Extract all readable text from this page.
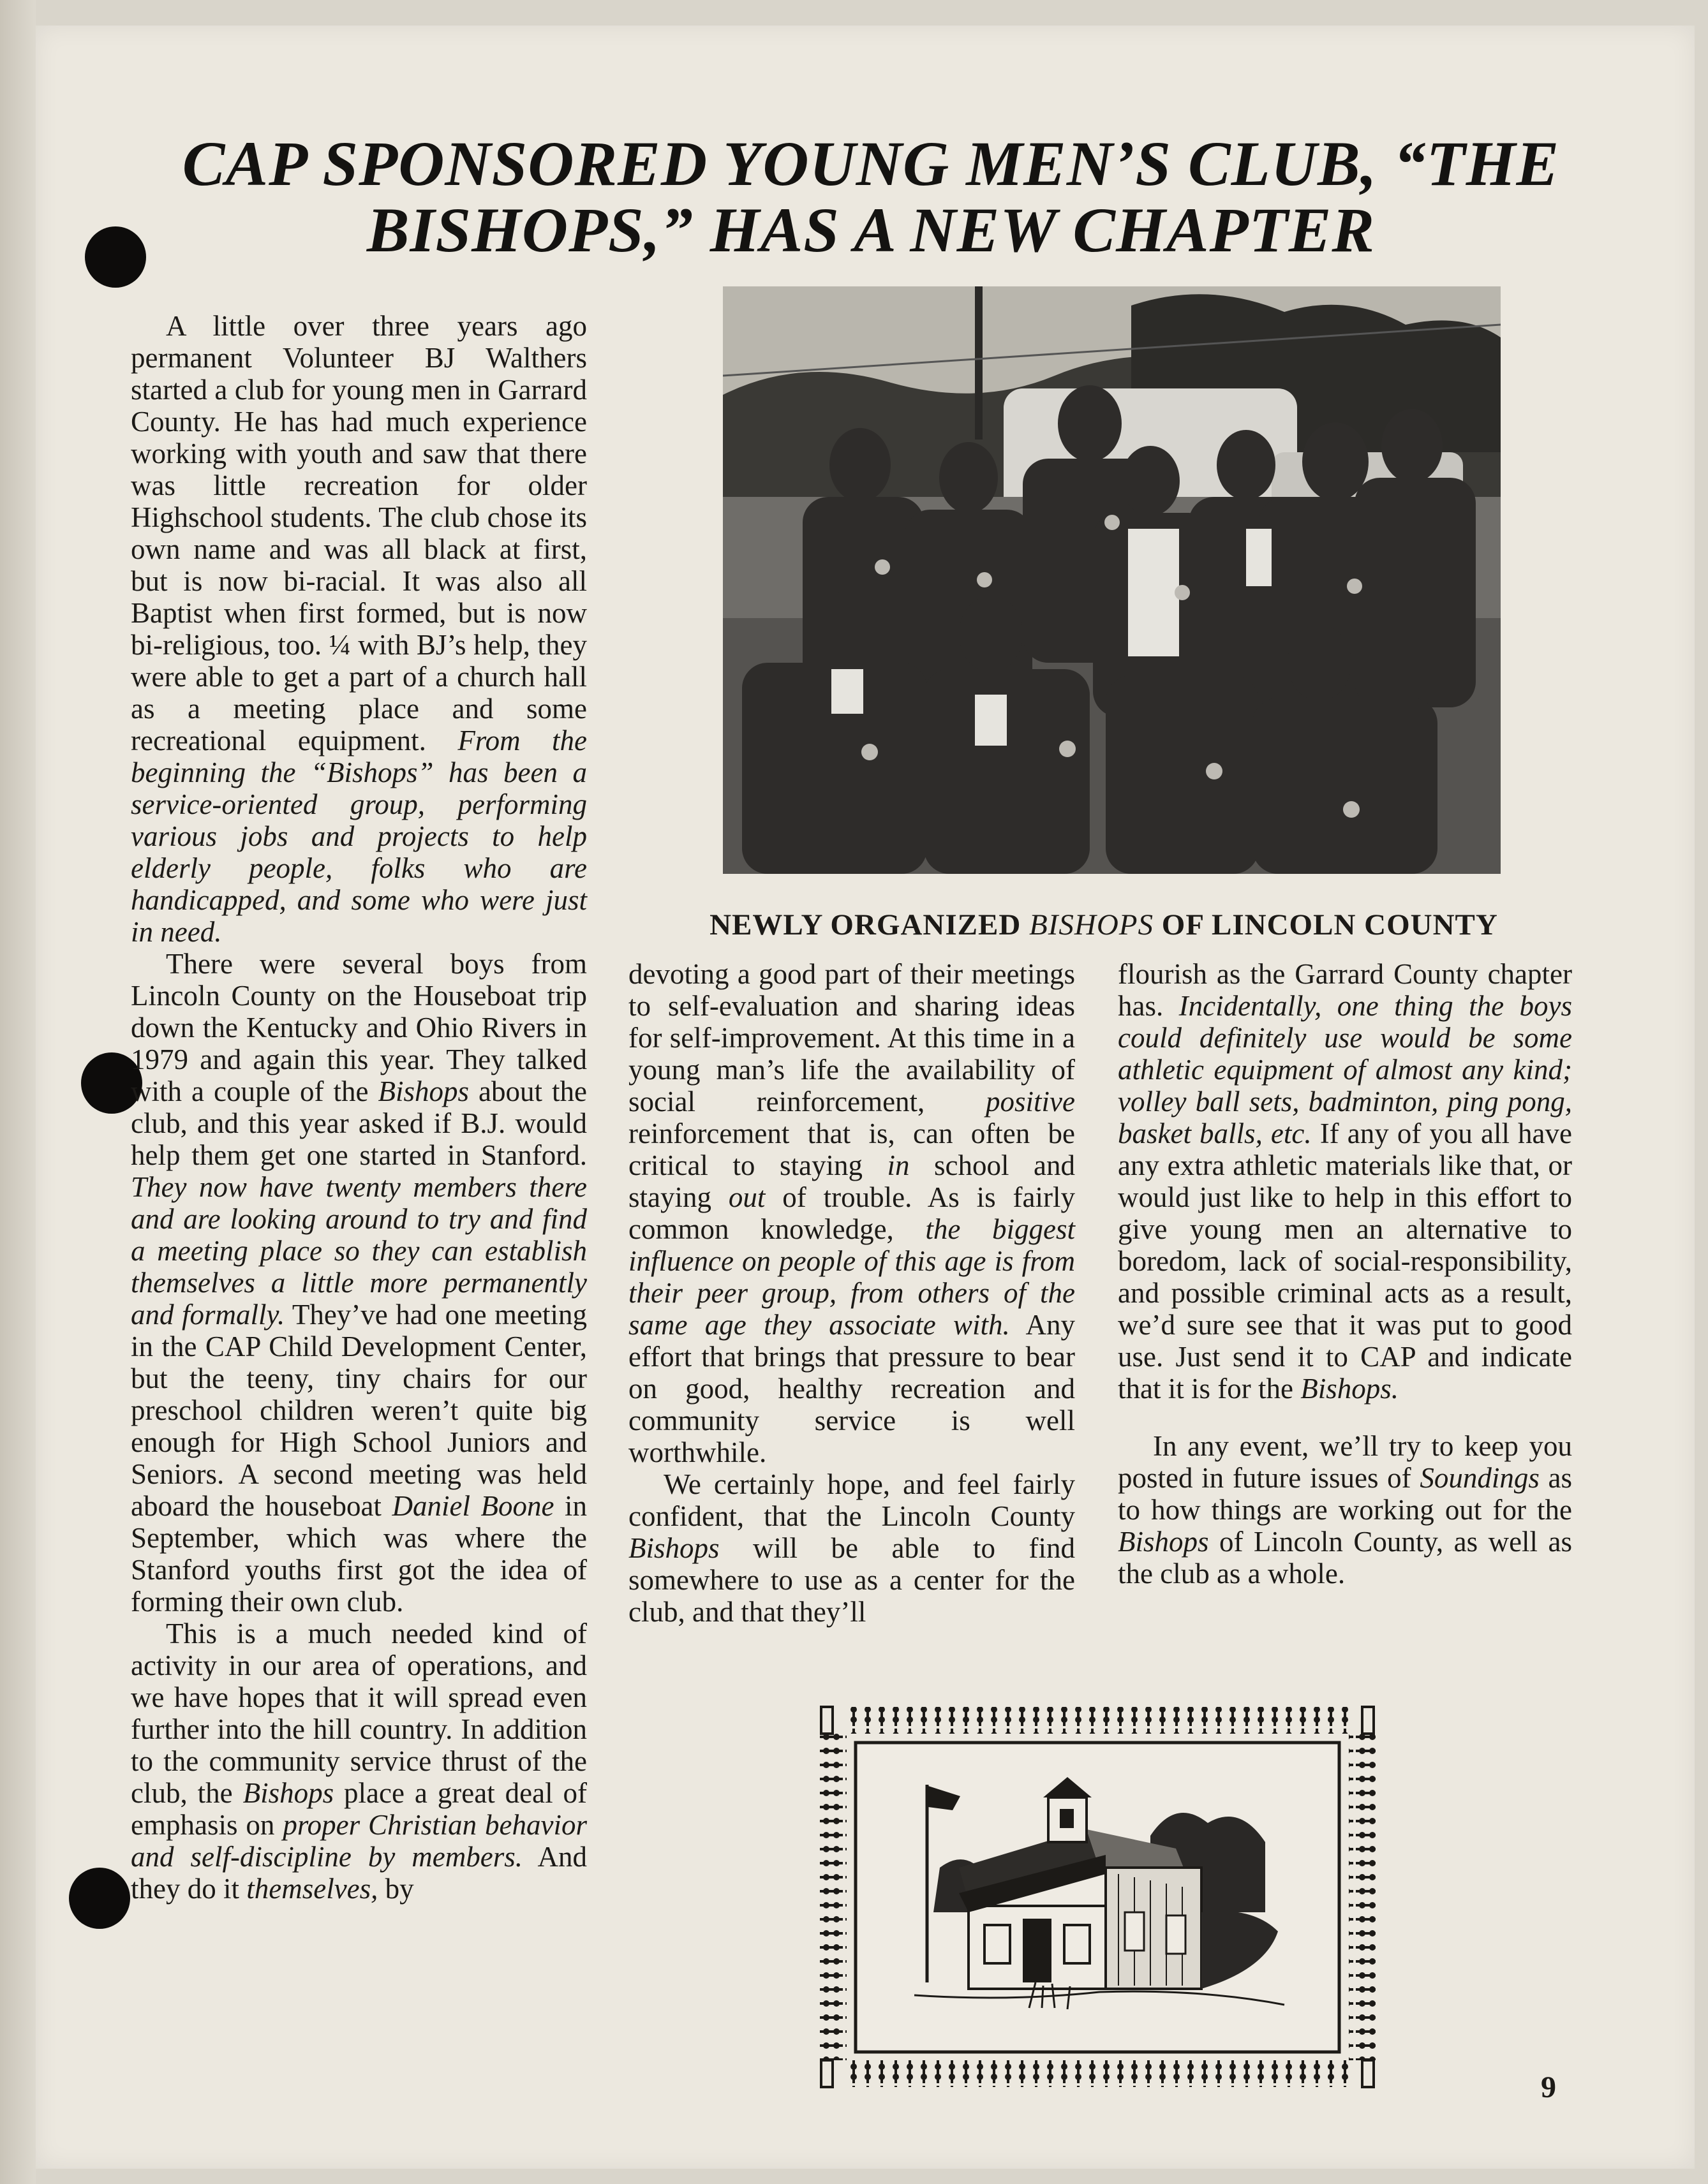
CAP SPONSORED YOUNG MEN’S CLUB, “THE
BISHOPS,” HAS A NEW CHAPTER

A little over three years ago permanent Volunteer BJ Walthers started a club for young men in Garrard County. He has had much experience working with youth and saw that there was little recreation for older Highschool students. The club chose its own name and was all black at first, but is now bi-racial. It was also all Baptist when first formed, but is now bi-religious, too. ¼ with BJ’s help, they were able to get a part of a church hall as a meeting place and some recreational equipment. From the beginning the “Bishops” has been a service-oriented group, performing various jobs and projects to help elderly people, folks who are handicapped, and some who were just in need.

There were several boys from Lincoln County on the Houseboat trip down the Kentucky and Ohio Rivers in 1979 and again this year. They talked with a couple of the Bishops about the club, and this year asked if B.J. would help them get one started in Stanford. They now have twenty members there and are looking around to try and find a meeting place so they can establish themselves a little more permanently and formally. They’ve had one meeting in the CAP Child Development Center, but the teeny, tiny chairs for our preschool children weren’t quite big enough for High School Juniors and Seniors. A second meeting was held aboard the houseboat Daniel Boone in September, which was where the Stanford youths first got the idea of forming their own club.

This is a much needed kind of activity in our area of operations, and we have hopes that it will spread even further into the hill country. In addition to the community service thrust of the club, the Bishops place a great deal of emphasis on proper Christian behavior and self-discipline by members. And they do it themselves, by

NEWLY ORGANIZED BISHOPS OF LINCOLN COUNTY

devoting a good part of their meetings to self-evaluation and sharing ideas for self-improvement. At this time in a young man’s life the availability of social reinforcement, positive reinforcement that is, can often be critical to staying in school and staying out of trouble. As is fairly common knowledge, the biggest influence on people of this age is from their peer group, from others of the same age they associate with. Any effort that brings that pressure to bear on good, healthy recreation and community service is well worthwhile.

We certainly hope, and feel fairly confident, that the Lincoln County Bishops will be able to find somewhere to use as a center for the club, and that they’ll

flourish as the Garrard County chapter has. Incidentally, one thing the boys could definitely use would be some athletic equipment of almost any kind; volley ball sets, badminton, ping pong, basket balls, etc. If any of you all have any extra athletic materials like that, or would just like to help in this effort to give young men an alternative to boredom, lack of social-responsibility, and possible criminal acts as a result, we’d sure see that it was put to good use. Just send it to CAP and indicate that it is for the Bishops.

In any event, we’ll try to keep you posted in future issues of Soundings as to how things are working out for the Bishops of Lincoln County, as well as the club as a whole.

9
